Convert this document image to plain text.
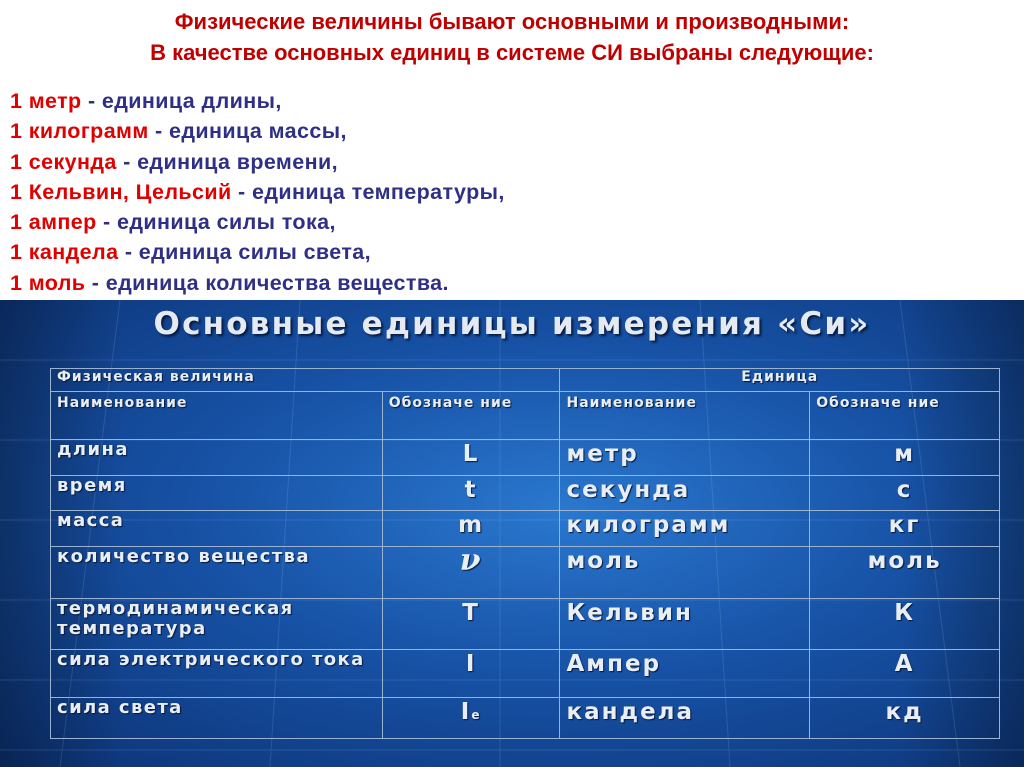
Физические величины бывают основными и производными:
В качестве основных единиц в системе СИ выбраны следующие:
1 метр - единица длины,
1 килограмм - единица массы,
1 секунда - единица времени,
1 Кельвин, Цельсий - единица температуры,
1 ампер - единица силы тока,
1 кандела - единица силы света,
1 моль - единица количества вещества.
Основные единицы измерения «Си»
Физическая величина		Единица	
Наименование	Обозначе ние	Наименование	Обозначе ние
длина	L	метр	м
время	t	секунда	с
масса	m	килограмм	кг
количество вещества	ν	моль	моль
термодинамическая температура	T	Кельвин	К
сила электрического тока	I	Ампер	А
сила света	Ie	кандела	кд
